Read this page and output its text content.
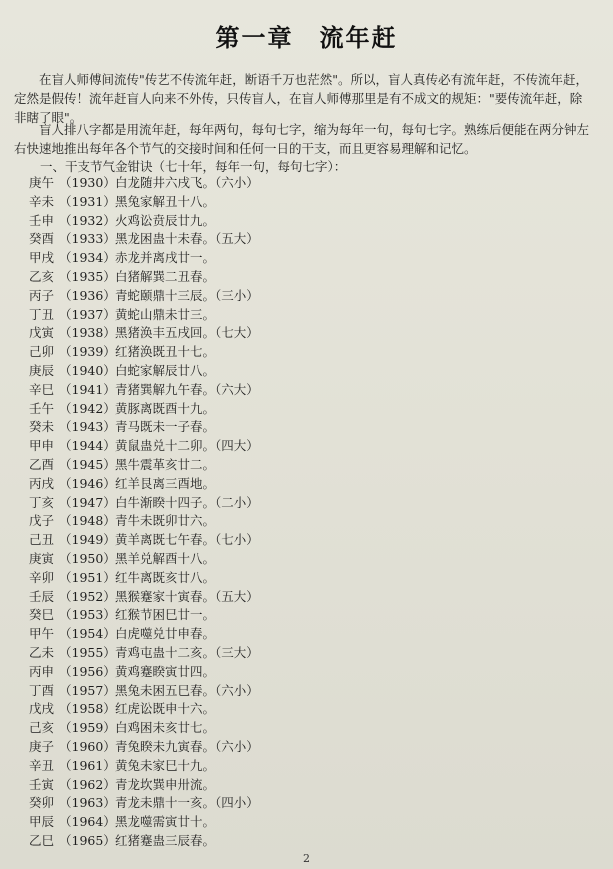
第一章　流年赶
在盲人师傅间流传"传艺不传流年赶，断语千万也茫然"。所以，盲人真传必有流年赶，不传流年赶，定然是假传！流年赶盲人向来不外传，只传盲人，在盲人师傅那里是有不成文的规矩："要传流年赶，除非瞎了眼"。
盲人排八字都是用流年赶，每年两句，每句七字，缩为每年一句，每句七字。熟练后便能在两分钟左右快速地推出每年各个节气的交接时间和任何一日的干支，而且更容易理解和记忆。
一、干支节气金钳诀（七十年，每年一句，每句七字）：
庚午 （1930）白龙随井六戌飞。（六小）
辛未 （1931）黑兔家解丑十八。
壬申 （1932）火鸡讼贲辰廿九。
癸酉 （1933）黑龙困蛊十未春。（五大）
甲戌 （1934）赤龙并离戌廿一。
乙亥 （1935）白猪解巽二丑春。
丙子 （1936）青蛇颐鼎十三辰。（三小）
丁丑 （1937）黄蛇山鼎未廿三。
戊寅 （1938）黑猪涣丰五戌回。（七大）
己卯 （1939）红猪涣既丑十七。
庚辰 （1940）白蛇家解辰廿八。
辛巳 （1941）青猪巽解九午春。（六大）
壬午 （1942）黄豚离既酉十九。
癸未 （1943）青马既未一子春。
甲申 （1944）黄鼠蛊兑十二卯。（四大）
乙酉 （1945）黑牛震革亥廿二。
丙戌 （1946）红羊艮离三酉地。
丁亥 （1947）白牛渐睽十四子。（二小）
戊子 （1948）青牛未既卯廿六。
己丑 （1949）黄羊离既七午春。（七小）
庚寅 （1950）黑羊兑解酉十八。
辛卯 （1951）红牛离既亥廿八。
壬辰 （1952）黑猴蹇家十寅春。（五大）
癸巳 （1953）红猴节困巳廿一。
甲午 （1954）白虎噬兑廿申春。
乙未 （1955）青鸡屯蛊十二亥。（三大）
丙申 （1956）黄鸡蹇睽寅廿四。
丁酉 （1957）黑兔未困五巳春。（六小）
戊戌 （1958）红虎讼既申十六。
己亥 （1959）白鸡困未亥廿七。
庚子 （1960）青兔睽未九寅春。（六小）
辛丑 （1961）黄兔未家巳十九。
壬寅 （1962）青龙坎巽申卅流。
癸卯 （1963）青龙未鼎十一亥。（四小）
甲辰 （1964）黑龙噬需寅廿十。
乙巳 （1965）红猪蹇蛊三辰春。
2
